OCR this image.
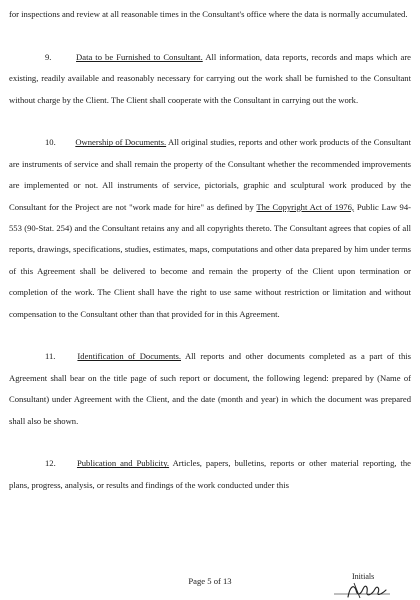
for inspections and review at all reasonable times in the Consultant's office where the data is normally accumulated.

9.	Data to be Furnished to Consultant. All information, data reports, records and maps which are existing, readily available and reasonably necessary for carrying out the work shall be furnished to the Consultant without charge by the Client. The Client shall cooperate with the Consultant in carrying out the work.

10. Ownership of Documents. All original studies, reports and other work products of the Consultant are instruments of service and shall remain the property of the Consultant whether the recommended improvements are implemented or not. All instruments of service, pictorials, graphic and sculptural work produced by the Consultant for the Project are not "work made for hire" as defined by The Copyright Act of 1976, Public Law 94-553 (90-Stat. 254) and the Consultant retains any and all copyrights thereto. The Consultant agrees that copies of all reports, drawings, specifications, studies, estimates, maps, computations and other data prepared by him under terms of this Agreement shall be delivered to become and remain the property of the Client upon termination or completion of the work. The Client shall have the right to use same without restriction or limitation and without compensation to the Consultant other than that provided for in this Agreement.

11.	Identification of Documents. All reports and other documents completed as a part of this Agreement shall bear on the title page of such report or document, the following legend: prepared by (Name of Consultant) under Agreement with the Client, and the date (month and year) in which the document was prepared shall also be shown.

12. Publication and Publicity. Articles, papers, bulletins, reports or other material reporting, the plans, progress, analysis, or results and findings of the work conducted under this

Page 5 of 13	Initials
